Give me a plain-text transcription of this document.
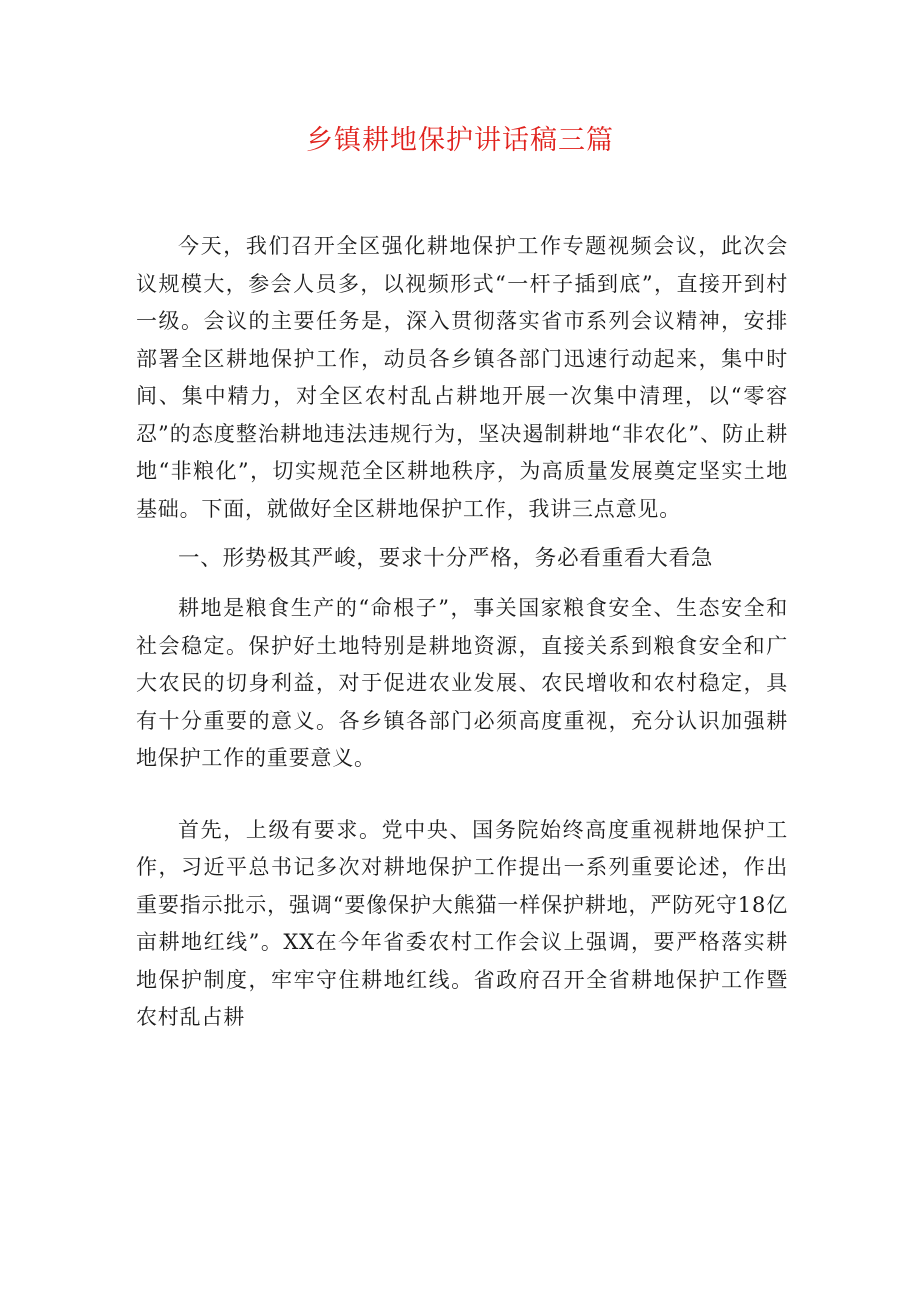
乡镇耕地保护讲话稿三篇

今天，我们召开全区强化耕地保护工作专题视频会议，此次会议规模大，参会人员多，以视频形式“一杆子插到底”，直接开到村一级。会议的主要任务是，深入贯彻落实省市系列会议精神，安排部署全区耕地保护工作，动员各乡镇各部门迅速行动起来，集中时间、集中精力，对全区农村乱占耕地开展一次集中清理，以“零容忍”的态度整治耕地违法违规行为，坚决遏制耕地“非农化”、防止耕地“非粮化”，切实规范全区耕地秩序，为高质量发展奠定坚实土地基础。下面，就做好全区耕地保护工作，我讲三点意见。

一、形势极其严峻，要求十分严格，务必看重看大看急

耕地是粮食生产的“命根子”，事关国家粮食安全、生态安全和社会稳定。保护好土地特别是耕地资源，直接关系到粮食安全和广大农民的切身利益，对于促进农业发展、农民增收和农村稳定，具有十分重要的意义。各乡镇各部门必须高度重视，充分认识加强耕地保护工作的重要意义。

首先，上级有要求。党中央、国务院始终高度重视耕地保护工作，习近平总书记多次对耕地保护工作提出一系列重要论述，作出重要指示批示，强调“要像保护大熊猫一样保护耕地，严防死守18亿亩耕地红线”。XX在今年省委农村工作会议上强调，要严格落实耕地保护制度，牢牢守住耕地红线。省政府召开全省耕地保护工作暨农村乱占耕
